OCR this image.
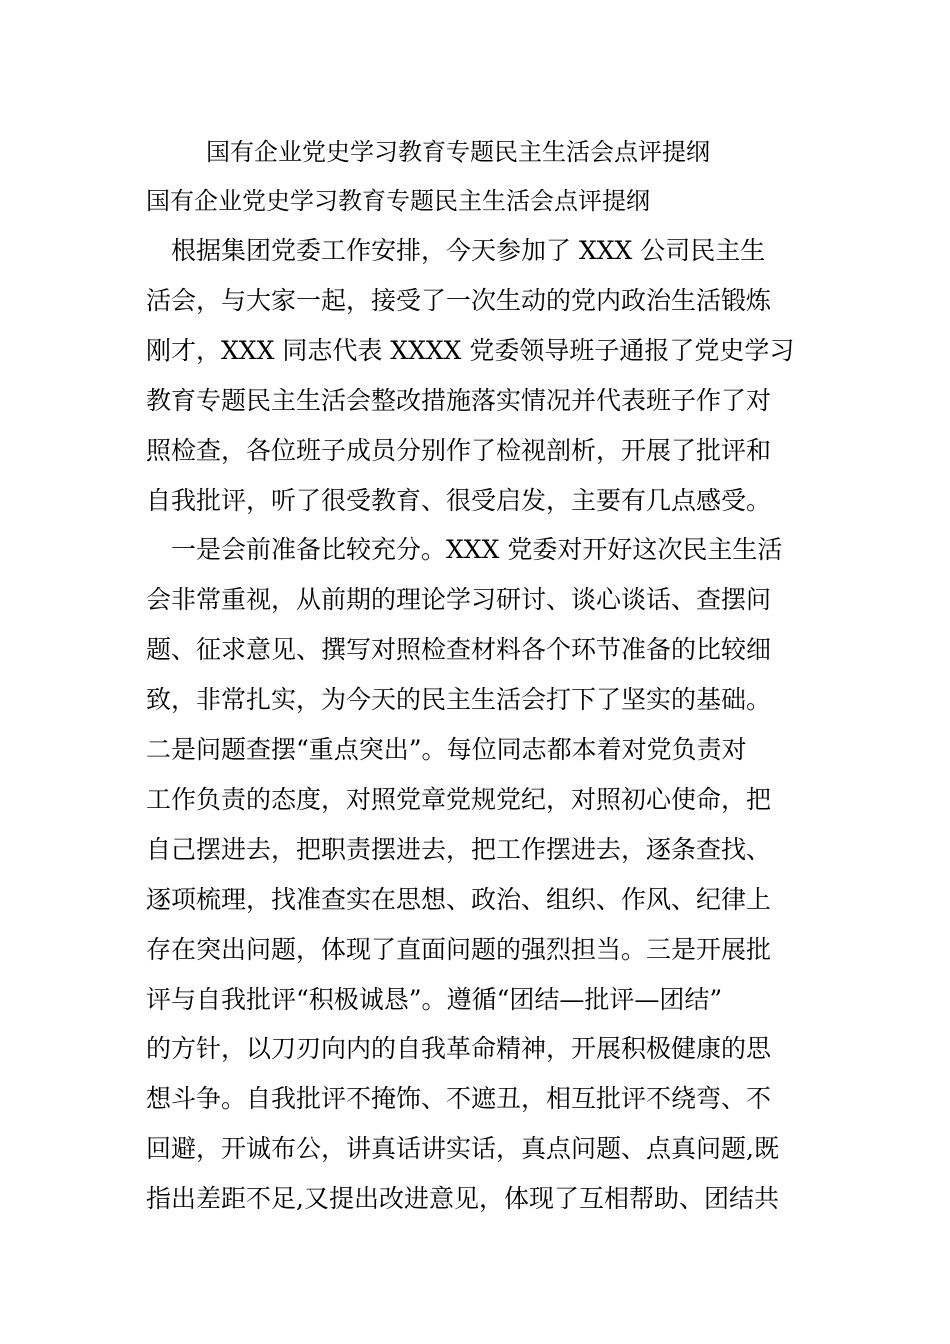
国有企业党史学习教育专题民主生活会点评提纲
国有企业党史学习教育专题民主生活会点评提纲
　根据集团党委工作安排，今天参加了 XXX 公司民主生
活会，与大家一起，接受了一次生动的党内政治生活锻炼
刚才，XXX 同志代表 XXXX 党委领导班子通报了党史学习
教育专题民主生活会整改措施落实情况并代表班子作了对
照检查，各位班子成员分别作了检视剖析，开展了批评和
自我批评，听了很受教育、很受启发，主要有几点感受。
　一是会前准备比较充分。XXX 党委对开好这次民主生活
会非常重视，从前期的理论学习研讨、谈心谈话、查摆问
题、征求意见、撰写对照检查材料各个环节准备的比较细
致，非常扎实，为今天的民主生活会打下了坚实的基础。
二是问题查摆“重点突出”。每位同志都本着对党负责对
工作负责的态度，对照党章党规党纪，对照初心使命，把
自己摆进去，把职责摆进去，把工作摆进去，逐条查找、
逐项梳理，找准查实在思想、政治、组织、作风、纪律上
存在突出问题，体现了直面问题的强烈担当。三是开展批
评与自我批评“积极诚恳”。遵循“团结—批评—团结”
的方针，以刀刃向内的自我革命精神，开展积极健康的思
想斗争。自我批评不掩饰、不遮丑，相互批评不绕弯、不
回避，开诚布公，讲真话讲实话，真点问题、点真问题,既
指出差距不足,又提出改进意见，体现了互相帮助、团结共
